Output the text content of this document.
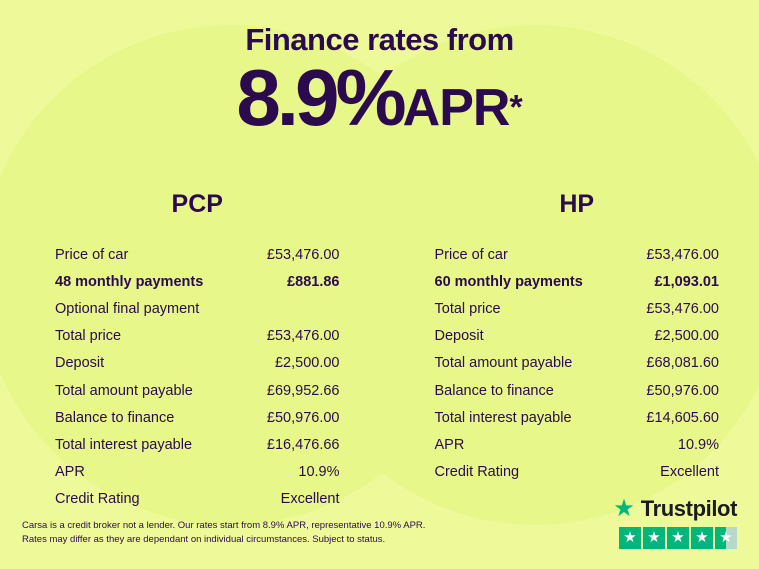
Finance rates from
8.9%APR*
PCP
Price of car	£53,476.00
48 monthly payments	£881.86
Optional final payment
Total price	£53,476.00
Deposit	£2,500.00
Total amount payable	£69,952.66
Balance to finance	£50,976.00
Total interest payable	£16,476.66
APR	10.9%
Credit Rating	Excellent
HP
Price of car	£53,476.00
60 monthly payments	£1,093.01
Total price	£53,476.00
Deposit	£2,500.00
Total amount payable	£68,081.60
Balance to finance	£50,976.00
Total interest payable	£14,605.60
APR	10.9%
Credit Rating	Excellent
Carsa is a credit broker not a lender. Our rates start from 8.9% APR, representative 10.9% APR.
Rates may differ as they are dependant on individual circumstances. Subject to status.
★ Trustpilot
★ ★ ★ ★ ★
